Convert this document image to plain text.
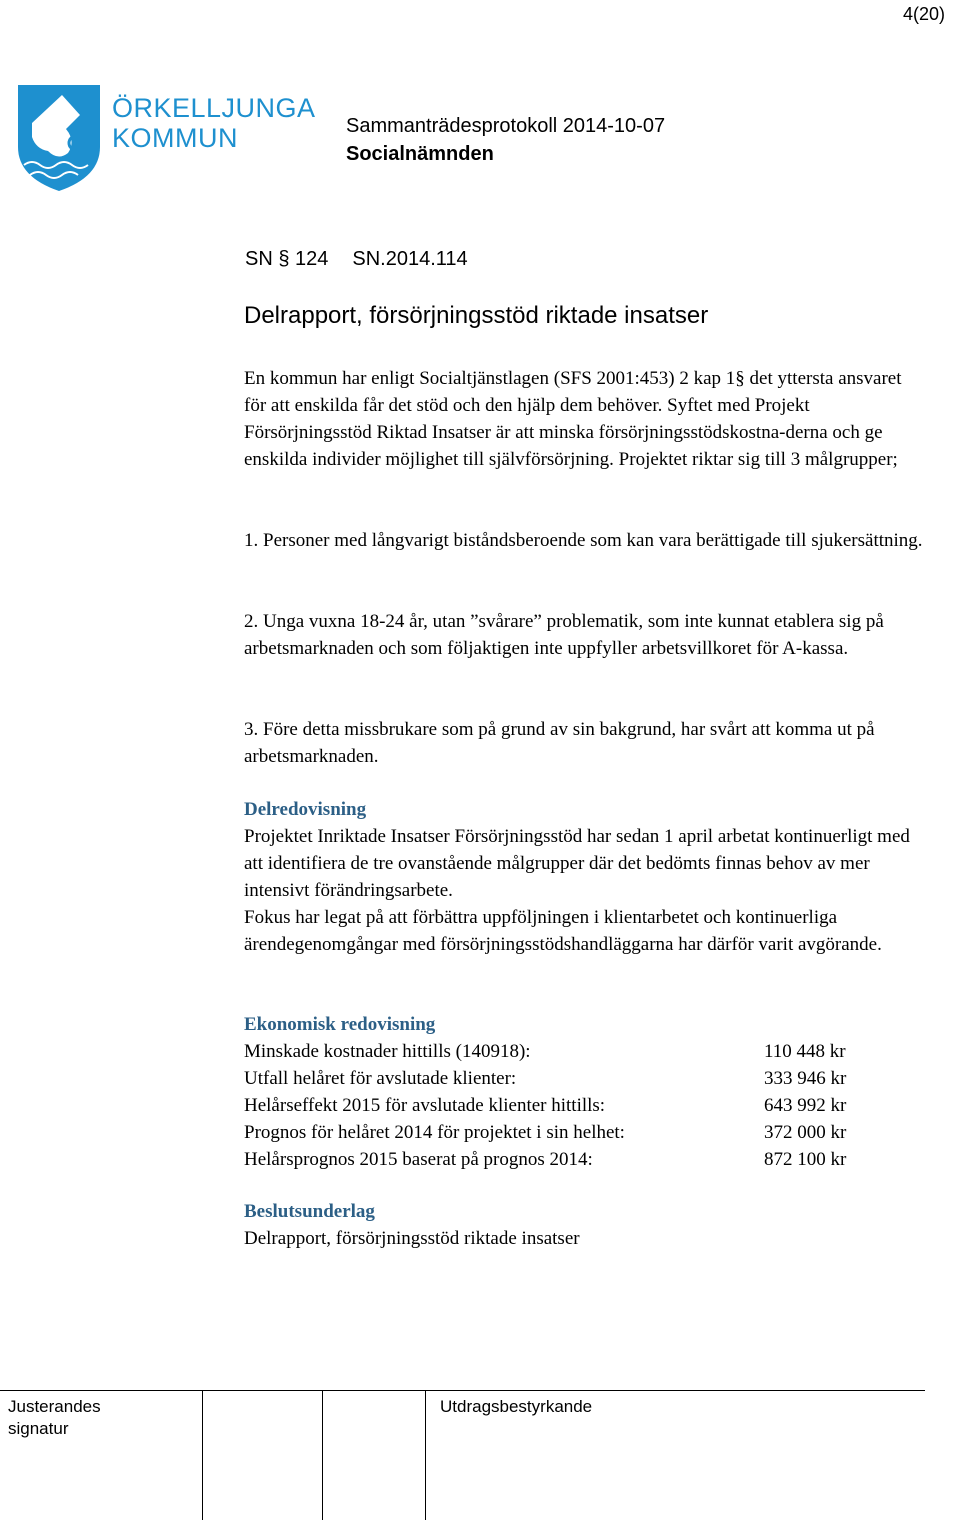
4(20)
ÖRKELLJUNGA
KOMMUN	Sammanträdesprotokoll 2014-10-07
Socialnämnden
SN § 124 SN.2014.114
Delrapport, försörjningsstöd riktade insatser

En kommun har enligt Socialtjänstlagen (SFS 2001:453) 2 kap 1§ det yttersta ansvaret för att enskilda får det stöd och den hjälp dem behöver. Syftet med Projekt Försörjningsstöd Riktad Insatser är att minska försörjningsstödskostna-derna och ge enskilda individer möjlighet till självförsörjning. Projektet riktar sig till 3 målgrupper;

1. Personer med långvarigt biståndsberoende som kan vara berättigade till sjukersättning.
2. Unga vuxna 18-24 år, utan ”svårare” problematik, som inte kunnat etablera sig på arbetsmarknaden och som följaktigen inte uppfyller arbetsvillkoret för A-kassa.
3. Före detta missbrukare som på grund av sin bakgrund, har svårt att komma ut på arbetsmarknaden.
Delredovisning

Projektet Inriktade Insatser Försörjningsstöd har sedan 1 april arbetat kontinuerligt med att identifiera de tre ovanstående målgrupper där det bedömts finnas behov av mer intensivt förändringsarbete.

Fokus har legat på att förbättra uppföljningen i klientarbetet och kontinuerliga ärendegenomgångar med försörjningsstödshandläggarna har därför varit avgörande.

Ekonomisk redovisning
Minskade kostnader hittills (140918):	110 448 kr
Utfall helåret för avslutade klienter:	333 946 kr
Helårseffekt 2015 för avslutade klienter hittills:	643 992 kr
Prognos för helåret 2014 för projektet i sin helhet:	372 000 kr
Helårsprognos 2015 baserat på prognos 2014:	872 100 kr
Beslutsunderlag
Delrapport, försörjningsstöd riktade insatser
Justerandes
signatur
Utdragsbestyrkande
